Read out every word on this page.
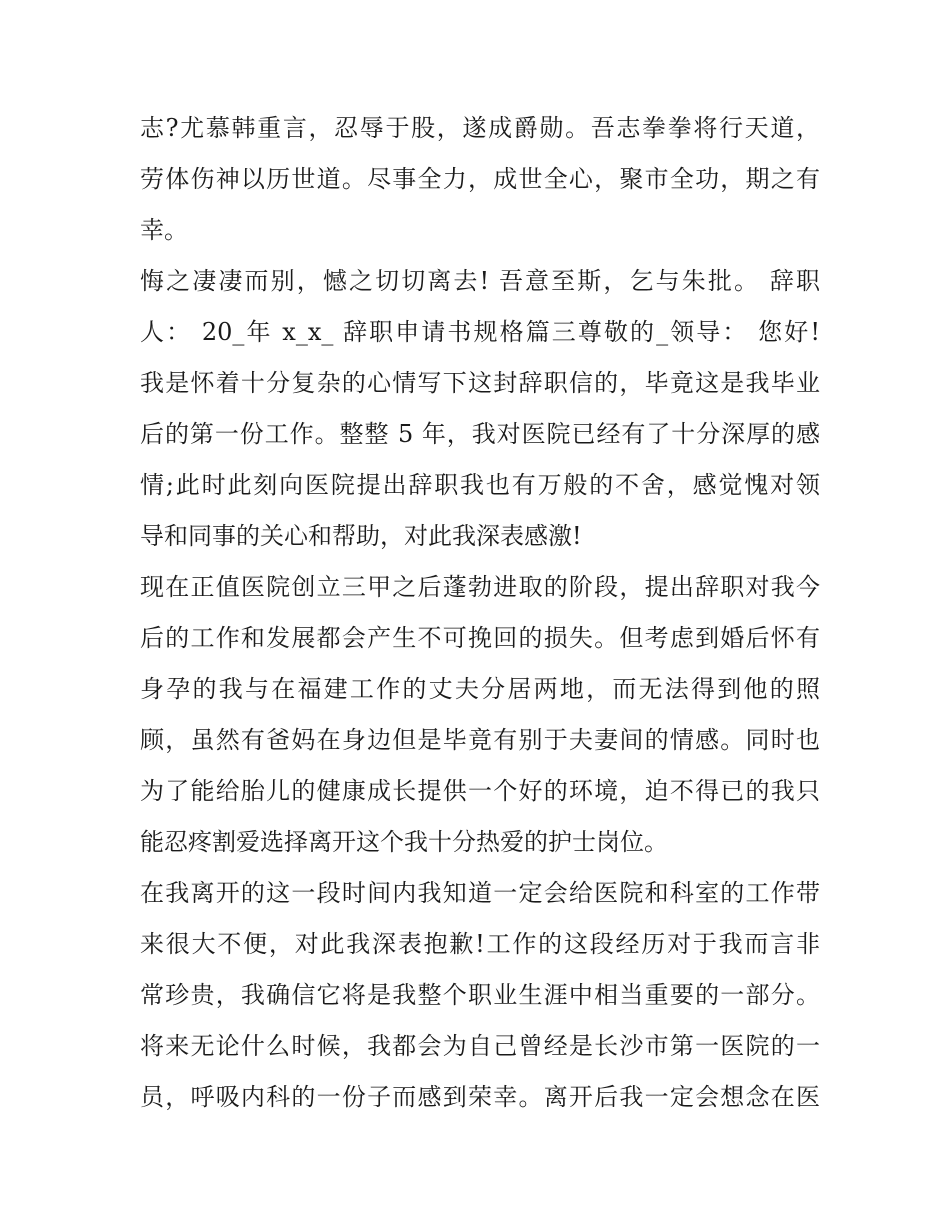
志?尤慕韩重言，忍辱于股，遂成爵勋。吾志拳拳将行天道，
劳体伤神以历世道。尽事全力，成世全心，聚市全功，期之有
幸。
悔之凄凄而别，憾之切切离去! 吾意至斯，乞与朱批。 辞职
人： 20_年 x_x_ 辞职申请书规格篇三尊敬的_领导： 您好!
我是怀着十分复杂的心情写下这封辞职信的，毕竟这是我毕业
后的第一份工作。整整 5 年，我对医院已经有了十分深厚的感
情;此时此刻向医院提出辞职我也有万般的不舍，感觉愧对领
导和同事的关心和帮助，对此我深表感激!
现在正值医院创立三甲之后蓬勃进取的阶段，提出辞职对我今
后的工作和发展都会产生不可挽回的损失。但考虑到婚后怀有
身孕的我与在福建工作的丈夫分居两地，而无法得到他的照
顾，虽然有爸妈在身边但是毕竟有别于夫妻间的情感。同时也
为了能给胎儿的健康成长提供一个好的环境，迫不得已的我只
能忍疼割爱选择离开这个我十分热爱的护士岗位。
在我离开的这一段时间内我知道一定会给医院和科室的工作带
来很大不便，对此我深表抱歉!工作的这段经历对于我而言非
常珍贵，我确信它将是我整个职业生涯中相当重要的一部分。
将来无论什么时候，我都会为自己曾经是长沙市第一医院的一
员，呼吸内科的一份子而感到荣幸。离开后我一定会想念在医
